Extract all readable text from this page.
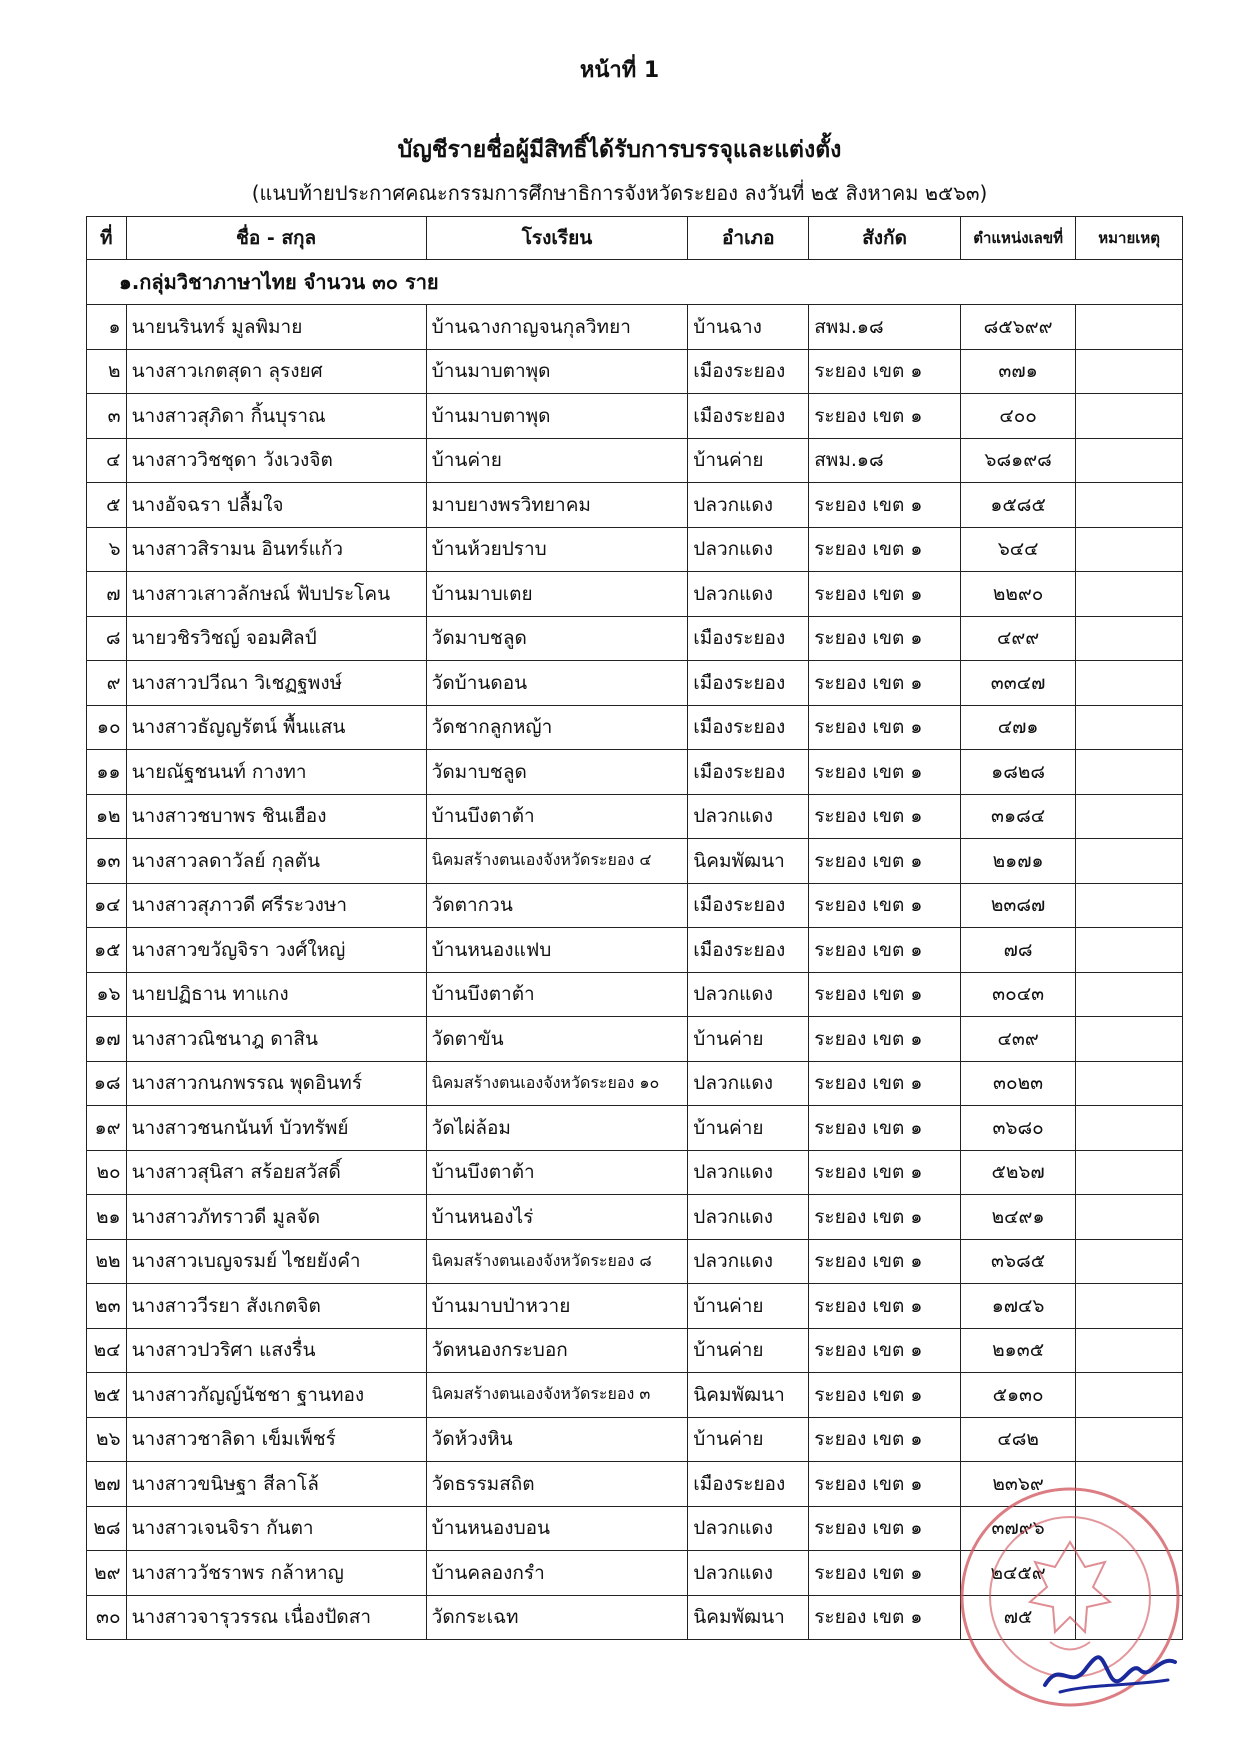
หน้าที่ 1
บัญชีรายชื่อผู้มีสิทธิ์ได้รับการบรรจุและแต่งตั้ง
(แนบท้ายประกาศคณะกรรมการศึกษาธิการจังหวัดระยอง ลงวันที่ ๒๕ สิงหาคม ๒๕๖๓)
ที่	ชื่อ - สกุล	โรงเรียน	อำเภอ	สังกัด	ตำแหน่งเลขที่	หมายเหตุ
๑.กลุ่มวิชาภาษาไทย จำนวน ๓๐ ราย						
๑	นายนรินทร์ มูลพิมาย	บ้านฉางกาญจนกุลวิทยา	บ้านฉาง	สพม.๑๘	๘๕๖๙๙	
๒	นางสาวเกตสุดา ลุรงยศ	บ้านมาบตาพุด	เมืองระยอง	ระยอง เขต ๑	๓๗๑	
๓	นางสาวสุภิดา กิ้นบุราณ	บ้านมาบตาพุด	เมืองระยอง	ระยอง เขต ๑	๔๐๐	
๔	นางสาววิชชุดา วังเวงจิต	บ้านค่าย	บ้านค่าย	สพม.๑๘	๖๘๑๙๘	
๕	นางอัจฉรา ปลื้มใจ	มาบยางพรวิทยาคม	ปลวกแดง	ระยอง เขต ๑	๑๕๘๕	
๖	นางสาวสิรามน อินทร์แก้ว	บ้านห้วยปราบ	ปลวกแดง	ระยอง เขต ๑	๖๔๔	
๗	นางสาวเสาวลักษณ์ ฟับประโคน	บ้านมาบเตย	ปลวกแดง	ระยอง เขต ๑	๒๒๙๐	
๘	นายวชิรวิชญ์ จอมศิลป์	วัดมาบชลูด	เมืองระยอง	ระยอง เขต ๑	๔๙๙	
๙	นางสาวปวีณา วิเชฏฐพงษ์	วัดบ้านดอน	เมืองระยอง	ระยอง เขต ๑	๓๓๔๗	
๑๐	นางสาวธัญญรัตน์ พื้นแสน	วัดชากลูกหญ้า	เมืองระยอง	ระยอง เขต ๑	๔๗๑	
๑๑	นายณัฐชนนท์ กางทา	วัดมาบชลูด	เมืองระยอง	ระยอง เขต ๑	๑๘๒๘	
๑๒	นางสาวชบาพร ชินเฮือง	บ้านบึงตาต้า	ปลวกแดง	ระยอง เขต ๑	๓๑๘๔	
๑๓	นางสาวลดาวัลย์ กุลตัน	นิคมสร้างตนเองจังหวัดระยอง ๔	นิคมพัฒนา	ระยอง เขต ๑	๒๑๗๑	
๑๔	นางสาวสุภาวดี ศรีระวงษา	วัดตากวน	เมืองระยอง	ระยอง เขต ๑	๒๓๘๗	
๑๕	นางสาวขวัญจิรา วงศ์ใหญ่	บ้านหนองแฟบ	เมืองระยอง	ระยอง เขต ๑	๗๘	
๑๖	นายปฏิธาน ทาแกง	บ้านบึงตาต้า	ปลวกแดง	ระยอง เขต ๑	๓๐๔๓	
๑๗	นางสาวณิชนาฎ ดาสิน	วัดตาขัน	บ้านค่าย	ระยอง เขต ๑	๔๓๙	
๑๘	นางสาวกนกพรรณ พุดอินทร์	นิคมสร้างตนเองจังหวัดระยอง ๑๐	ปลวกแดง	ระยอง เขต ๑	๓๐๒๓	
๑๙	นางสาวชนกนันท์ บัวทรัพย์	วัดไผ่ล้อม	บ้านค่าย	ระยอง เขต ๑	๓๖๘๐	
๒๐	นางสาวสุนิสา สร้อยสวัสดิ์	บ้านบึงตาต้า	ปลวกแดง	ระยอง เขต ๑	๕๒๖๗	
๒๑	นางสาวภัทราวดี มูลจัด	บ้านหนองไร่	ปลวกแดง	ระยอง เขต ๑	๒๔๙๑	
๒๒	นางสาวเบญจรมย์ ไชยยังคำ	นิคมสร้างตนเองจังหวัดระยอง ๘	ปลวกแดง	ระยอง เขต ๑	๓๖๘๕	
๒๓	นางสาววีรยา สังเกตจิต	บ้านมาบป่าหวาย	บ้านค่าย	ระยอง เขต ๑	๑๗๔๖	
๒๔	นางสาวปวริศา แสงรื่น	วัดหนองกระบอก	บ้านค่าย	ระยอง เขต ๑	๒๑๓๕	
๒๕	นางสาวกัญญ์นัชชา ฐานทอง	นิคมสร้างตนเองจังหวัดระยอง ๓	นิคมพัฒนา	ระยอง เขต ๑	๕๑๓๐	
๒๖	นางสาวชาลิดา เข็มเพ็ชร์	วัดห้วงหิน	บ้านค่าย	ระยอง เขต ๑	๔๘๒	
๒๗	นางสาวขนิษฐา สีลาโล้	วัดธรรมสถิต	เมืองระยอง	ระยอง เขต ๑	๒๓๖๙	
๒๘	นางสาวเจนจิรา กันตา	บ้านหนองบอน	ปลวกแดง	ระยอง เขต ๑	๓๗๙๖	
๒๙	นางสาววัชราพร กล้าหาญ	บ้านคลองกรำ	ปลวกแดง	ระยอง เขต ๑	๒๔๕๙	
๓๐	นางสาวจารุวรรณ เนื่องปัดสา	วัดกระเฉท	นิคมพัฒนา	ระยอง เขต ๑	๗๕	
